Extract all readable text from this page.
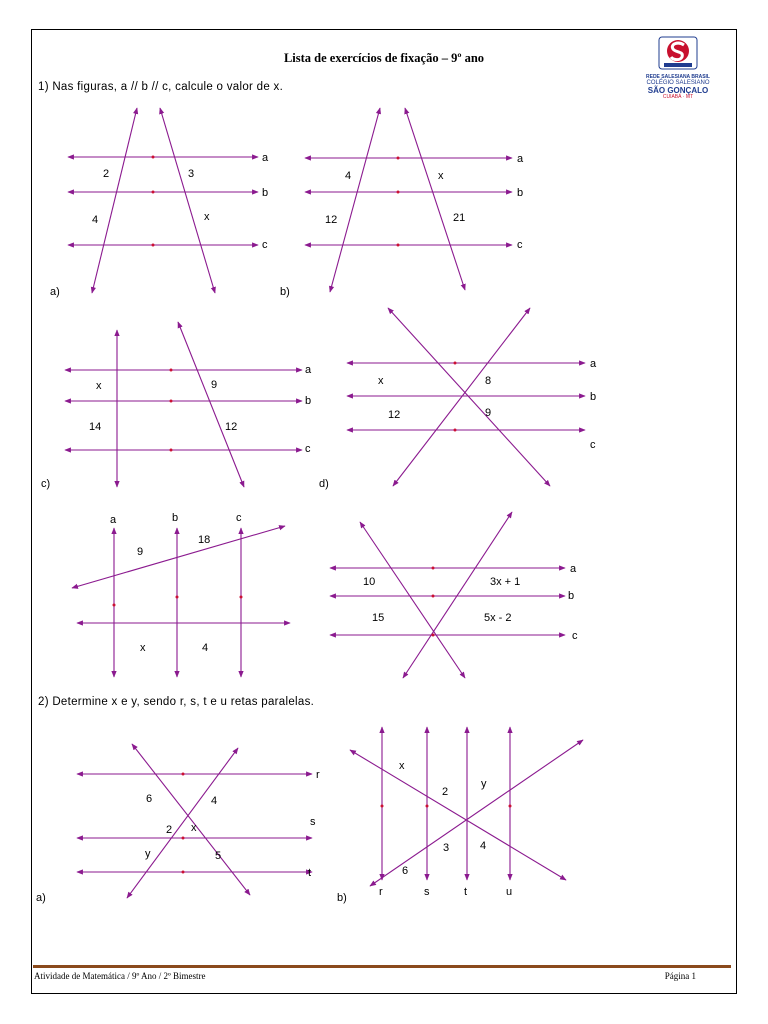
Lista de exercícios de fixação – 9º ano
REDE SALESIANA BRASIL
COLÉGIO SALESIANO
SÃO GONÇALO
CUIABÁ · MT
1) Nas figuras, a // b // c, calcule o valor de x.
2) Determine x e y, sendo r, s, t e u retas paralelas.
a
b
c
2	3
4	x
a)
a
b
c
4	x
12	21
b)
a
b
c
x	9
14	12
c)
a
b
c
x	8
12	9
d)
a	b	c
9
18
x	4
a
b
c
10	3x + 1
15	5x - 2
r
s
t
6	4
2 x
y	5
a)	r	s	t	u
x
2
y
3	4
6
b)
Atividade de Matemática / 9º Ano / 2º Bimestre	Página 1
